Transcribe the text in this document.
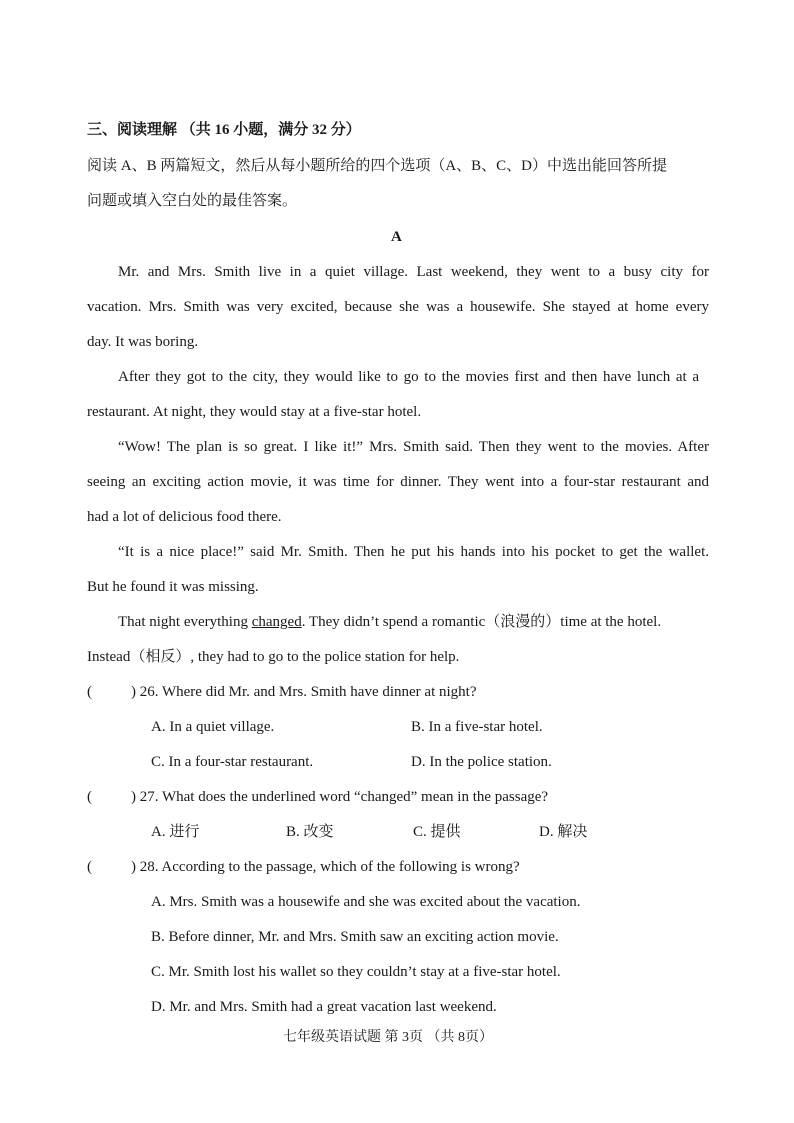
三、阅读理解 （共 16 小题，满分 32 分）
阅读 A、B 两篇短文，然后从每小题所给的四个选项（A、B、C、D）中选出能回答所提
问题或填入空白处的最佳答案。
A
Mr. and Mrs. Smith live in a quiet village. Last weekend, they went to a busy city for
vacation. Mrs. Smith was very excited, because she was a housewife. She stayed at home every
day. It was boring.
After they got to the city, they would like to go to the movies first and then have lunch at a
restaurant. At night, they would stay at a five-star hotel.
“Wow! The plan is so great. I like it!” Mrs. Smith said. Then they went to the movies. After
seeing an exciting action movie, it was time for dinner. They went into a four-star restaurant and
had a lot of delicious food there.
“It is a nice place!” said Mr. Smith. Then he put his hands into his pocket to get the wallet.
But he found it was missing.
That night everything changed. They didn’t spend a romantic（浪漫的）time at the hotel.
Instead（相反）, they had to go to the police station for help.
(	) 26. Where did Mr. and Mrs. Smith have dinner at night?
A. In a quiet village.	B. In a five-star hotel.
C. In a four-star restaurant.	D. In the police station.
(	) 27. What does the underlined word “changed” mean in the passage?
A. 进行	B. 改变	C. 提供	D. 解决
(	) 28. According to the passage, which of the following is wrong?
A. Mrs. Smith was a housewife and she was excited about the vacation.
B. Before dinner, Mr. and Mrs. Smith saw an exciting action movie.
C. Mr. Smith lost his wallet so they couldn’t stay at a five-star hotel.
D. Mr. and Mrs. Smith had a great vacation last weekend.
七年级英语试题 第 3页 （共 8页）
